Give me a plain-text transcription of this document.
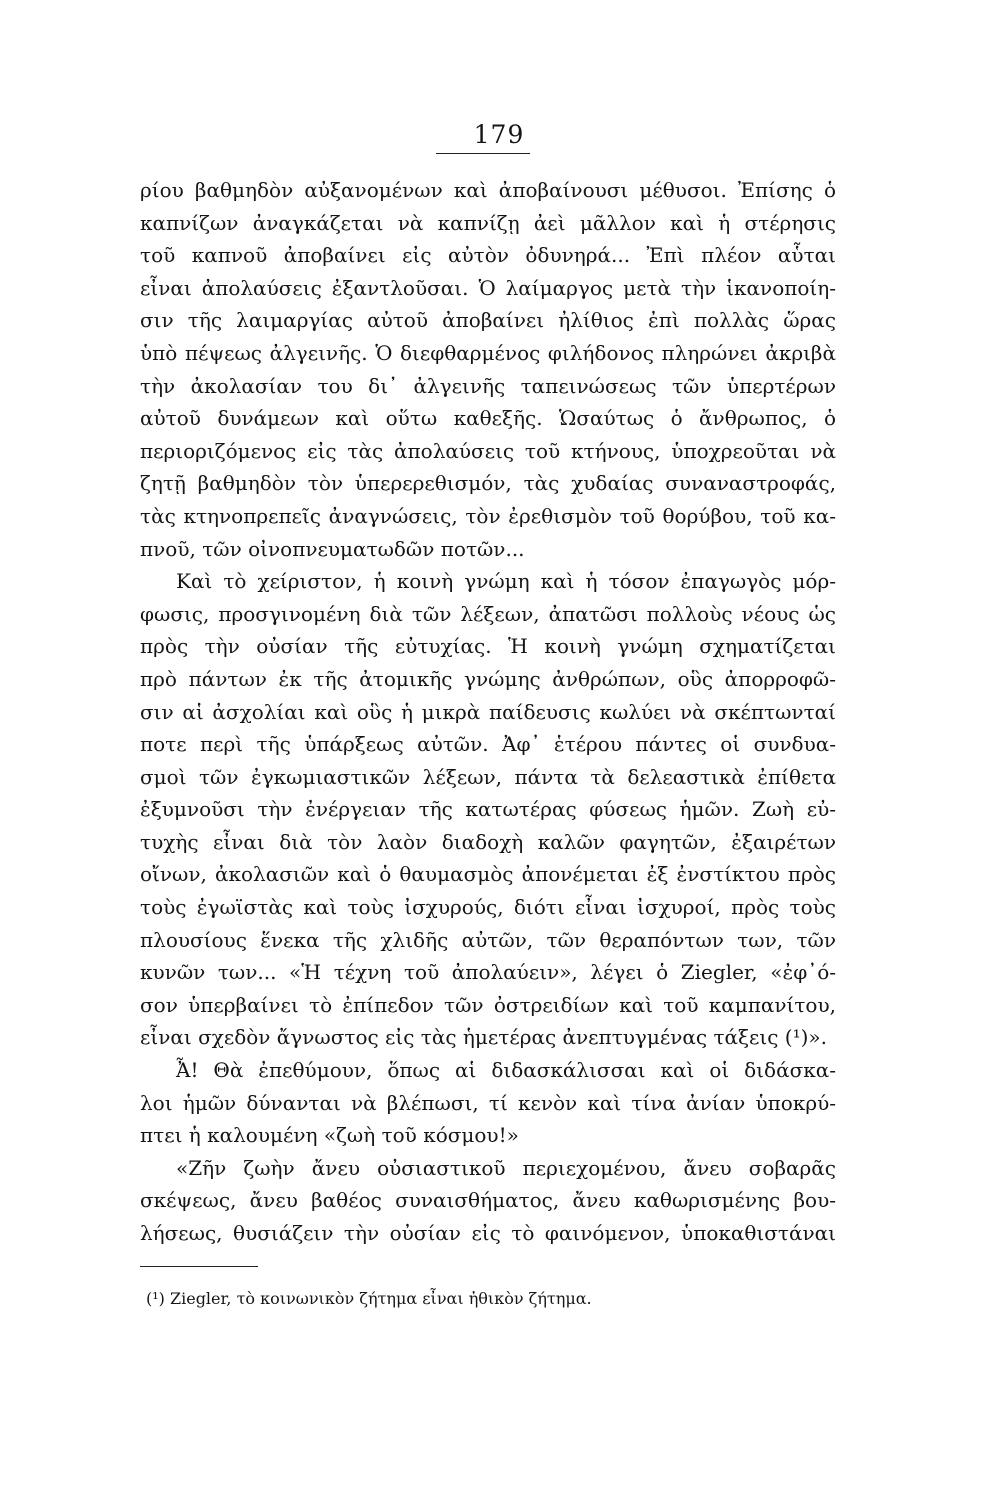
179
ρίου βαθμηδὸν αὐξανομένων καὶ ἀποβαίνουσι μέθυσοι. Ἐπίσης ὁ
καπνίζων ἀναγκάζεται νὰ καπνίζῃ ἀεὶ μᾶλλον καὶ ἡ στέρησις
τοῦ καπνοῦ ἀποβαίνει εἰς αὐτὸν ὀδυνηρά... Ἐπὶ πλέον αὗται
εἶναι ἀπολαύσεις ἐξαντλοῦσαι. Ὁ λαίμαργος μετὰ τὴν ἱκανοποίη-
σιν τῆς λαιμαργίας αὐτοῦ ἀποβαίνει ἠλίθιος ἐπὶ πολλὰς ὥρας
ὑπὸ πέψεως ἀλγεινῆς. Ὁ διεφθαρμένος φιλήδονος πληρώνει ἀκριβὰ
τὴν ἀκολασίαν του δι᾽ ἀλγεινῆς ταπεινώσεως τῶν ὑπερτέρων
αὐτοῦ δυνάμεων καὶ οὕτω καθεξῆς. Ὡσαύτως ὁ ἄνθρωπος, ὁ
περιοριζόμενος εἰς τὰς ἀπολαύσεις τοῦ κτήνους, ὑποχρεοῦται νὰ
ζητῇ βαθμηδὸν τὸν ὑπερερεθισμόν, τὰς χυδαίας συναναστροφάς,
τὰς κτηνοπρεπεῖς ἀναγνώσεις, τὸν ἐρεθισμὸν τοῦ θορύβου, τοῦ κα-
πνοῦ, τῶν οἰνοπνευματωδῶν ποτῶν...
Καὶ τὸ χείριστον, ἡ κοινὴ γνώμη καὶ ἡ τόσον ἐπαγωγὸς μόρ-
φωσις, προσγινομένη διὰ τῶν λέξεων, ἀπατῶσι πολλοὺς νέους ὡς
πρὸς τὴν οὐσίαν τῆς εὐτυχίας. Ἡ κοινὴ γνώμη σχηματίζεται
πρὸ πάντων ἐκ τῆς ἀτομικῆς γνώμης ἀνθρώπων, οὓς ἀπορροφῶ-
σιν αἱ ἀσχολίαι καὶ οὓς ἡ μικρὰ παίδευσις κωλύει νὰ σκέπτωνταί
ποτε περὶ τῆς ὑπάρξεως αὐτῶν. Ἀφ᾽ ἑτέρου πάντες οἱ συνδυα-
σμοὶ τῶν ἐγκωμιαστικῶν λέξεων, πάντα τὰ δελεαστικὰ ἐπίθετα
ἐξυμνοῦσι τὴν ἐνέργειαν τῆς κατωτέρας φύσεως ἡμῶν. Ζωὴ εὐ-
τυχὴς εἶναι διὰ τὸν λαὸν διαδοχὴ καλῶν φαγητῶν, ἐξαιρέτων
οἴνων, ἀκολασιῶν καὶ ὁ θαυμασμὸς ἀπονέμεται ἐξ ἐνστίκτου πρὸς
τοὺς ἐγωϊστὰς καὶ τοὺς ἰσχυρούς, διότι εἶναι ἰσχυροί, πρὸς τοὺς
πλουσίους ἕνεκα τῆς χλιδῆς αὐτῶν, τῶν θεραπόντων των, τῶν
κυνῶν των... «Ἡ τέχνη τοῦ ἀπολαύειν», λέγει ὁ Ziegler, «ἐφ᾽ό-
σον ὑπερβαίνει τὸ ἐπίπεδον τῶν ὀστρειδίων καὶ τοῦ καμπανίτου,
εἶναι σχεδὸν ἄγνωστος εἰς τὰς ἡμετέρας ἀνεπτυγμένας τάξεις (¹)».
Ἆ! Θὰ ἐπεθύμουν, ὅπως αἱ διδασκάλισσαι καὶ οἱ διδάσκα-
λοι ἡμῶν δύνανται νὰ βλέπωσι, τί κενὸν καὶ τίνα ἀνίαν ὑποκρύ-
πτει ἡ καλουμένη «ζωὴ τοῦ κόσμου!»
«Ζῆν ζωὴν ἄνευ οὐσιαστικοῦ περιεχομένου, ἄνευ σοβαρᾶς
σκέψεως, ἄνευ βαθέος συναισθήματος, ἄνευ καθωρισμένης βου-
λήσεως, θυσιάζειν τὴν οὐσίαν εἰς τὸ φαινόμενον, ὑποκαθιστάναι
(¹) Ziegler, τὸ κοινωνικὸν ζήτημα εἶναι ἠθικὸν ζήτημα.
